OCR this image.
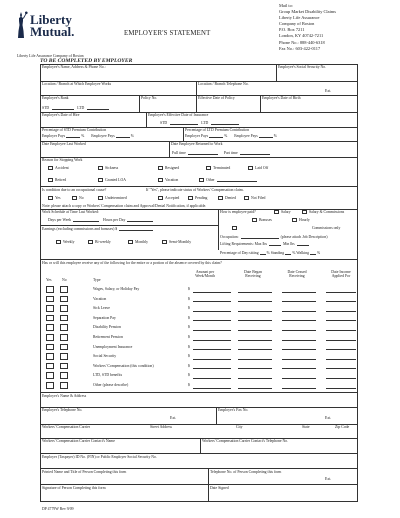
Liberty
Mutual.
Liberty Life Assurance Company of Boston
EMPLOYER'S STATEMENT
Mail to:
Group Market Disability Claims
Liberty Life Assurance
Company of Boston
P.O. Box 7211
London, KY 40742-7211
Phone No.: 888-440-6318
Fax No.: 603-422-0117
TO BE COMPLETED BY EMPLOYER
Employee's Name, Address & Phone No.:	Employee's Social Security No.
Location / Branch at Which Employee Works	Location / Branch Telephone No.
Ext.
Employee's Rank	Policy No.	Effective Date of Policy	Employee's Date of Birth
STD	LTD
Employee's Date of Hire	Employee's Effective Date of Insurance
STD	LTD
Percentage of STD Premium Contribution	Percentage of LTD Premium Contribution
Employer Pays	% Employee Pays	%	Employer Pays	% Employee Pays	%
Date Employee Last Worked	Date Employee Returned to Work
Full time	Part time
Reason for Stopping Work
Accident	Sickness	Resigned	Terminated	Laid Off
Retired	Granted LOA	Vacation	Other
Is condition due to an occupational cause?	If "Yes", please indicate status of Workers' Compensation claim.
Yes	No	Undetermined	Accepted	Pending	Denied	Not Filed
Note: please attach a copy or Workers' Compensation claim and Approval/Denial Notification, if applicable.
Work Schedule at Time Last Worked:
Days per Week	Hours per Day
How is employee paid?	Salary	Salary & Commissions
Bonuses	Hourly
Commissions only
Earnings (excluding commissions and bonuses) $
Weekly	Bi-weekly	Monthly	Semi-Monthly
Occupation:	(please attach Job Description)
Lifting Requirements: Max lbs	Min lbs
Percentage of Day:sitting % Standing % Walking %
Has or will this employee receive any of the following for the entire or a portion of the absence covered by this claim?
Yes	No	Type
Amount per Week/Month
Date Began Receiving
Date Ceased Receiving
Date Income Applied For
Wages, Salary, or Holiday Pay	$
Vacation	$
Sick Leave	$
Separation Pay	$
Disability Pension	$
Retirement Pension	$
Unemployment Insurance	$
Social Security	$
Workers' Compensation (this condition)	$
LTD, STD benefits	$
Other (please describe)	$
Employer's Name & Address
Employer's Telephone No.
Ext.
Employer's Fax No.
Ext.
Workers' Compensation Carrier	Street Address	City	State	Zip Code
Workers' Compensation Carrier Contact's Name	Workers' Compensation Carrier Contact's Telephone No.
Employer (Taxpayer) ID No. (FIN) or Public Employer Social Security No.
Printed Name and Title of Person Completing this form	Telephone No. of Person Completing this form
Ext.
Signature of Person Completing this form	Date Signed
DP 4779W Rev 9/09
